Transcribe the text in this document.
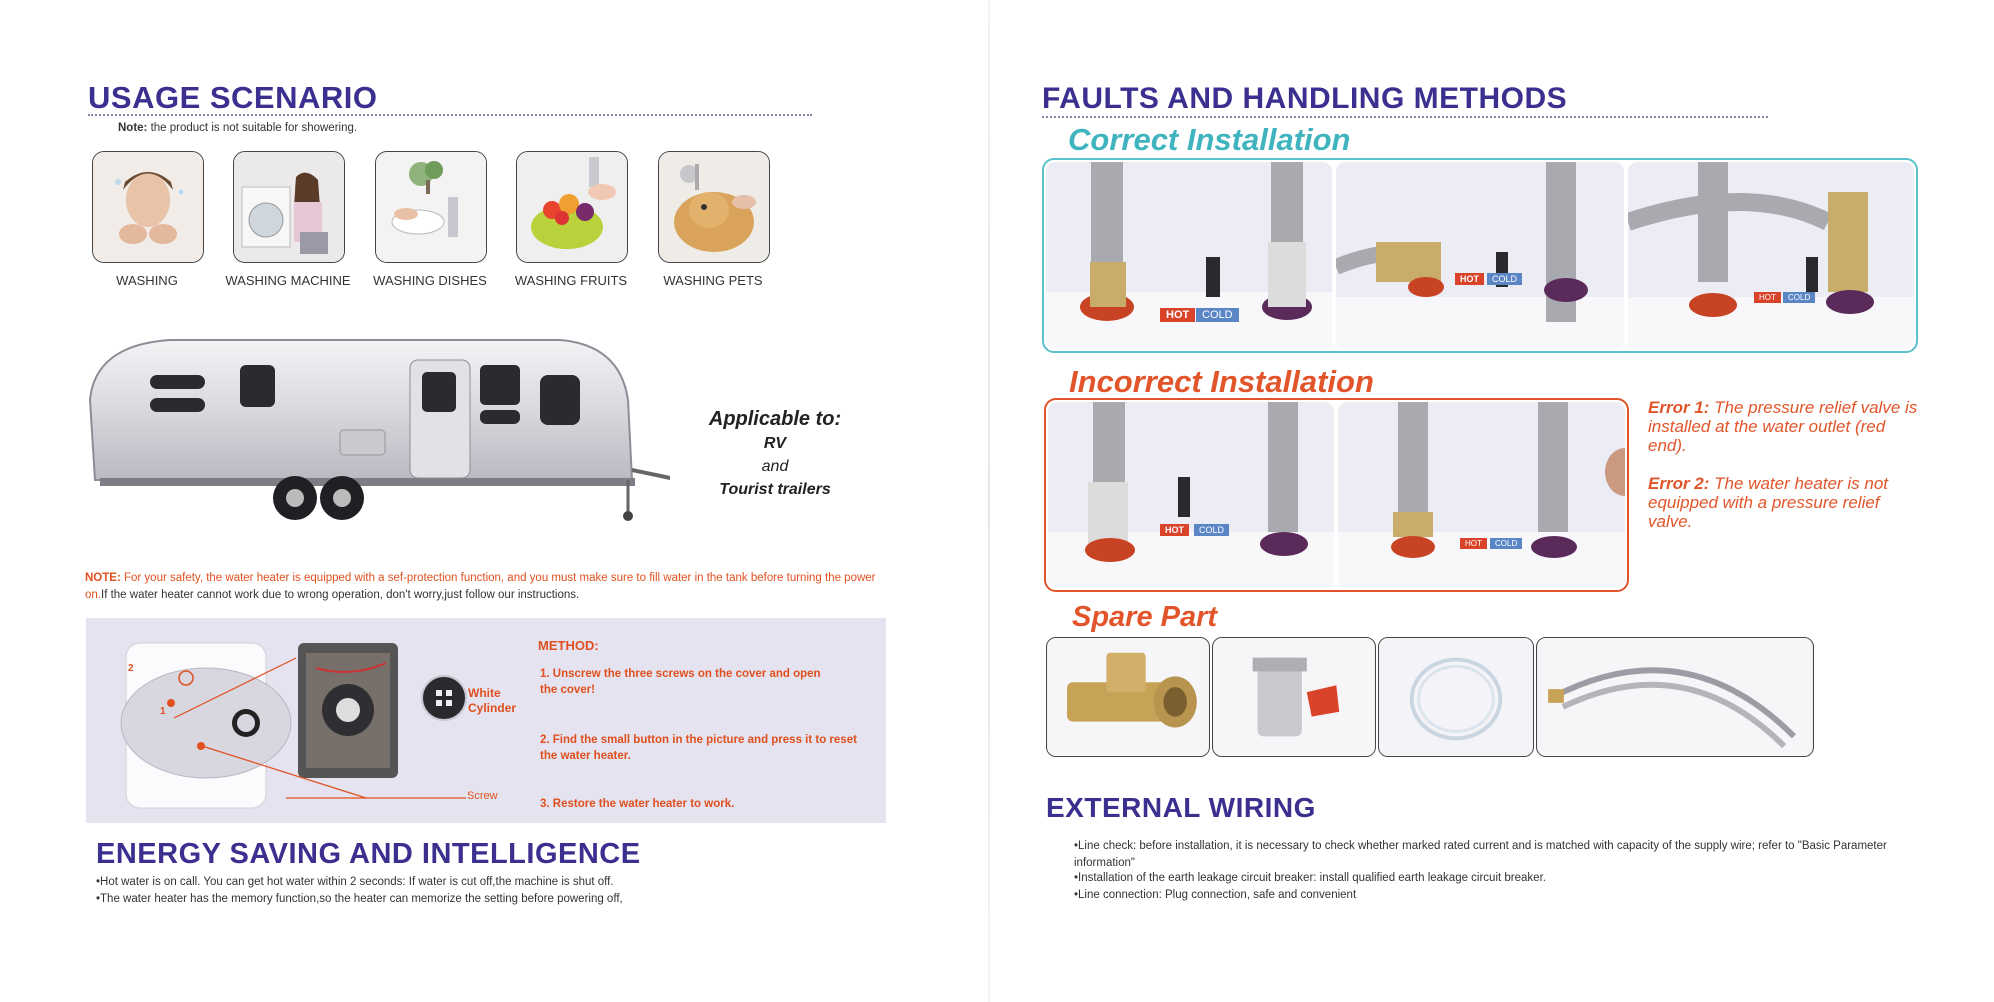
USAGE SCENARIO
Note: the product is not suitable for showering.
WASHING	WASHING MACHINE	WASHING DISHES	WASHING FRUITS	WASHING PETS
Applicable to:
RV
and
Tourist trailers
NOTE: For your safety, the water heater is equipped with a sef-protection function, and you must make sure to fill water in the tank before turning the power on.If the water heater cannot work due to wrong operation, don't worry,just follow our instructions.
2
1
White Cylinder
Screw
METHOD:
1. Unscrew the three screws on the cover and open the cover!
2. Find the small button in the picture and press it to reset the water heater.
3. Restore the water heater to work.
ENERGY SAVING AND INTELLIGENCE
•Hot water is on call. You can get hot water within 2 seconds: If water is cut off,the machine is shut off.
•The water heater has the memory function,so the heater can memorize the setting before powering off,
FAULTS AND HANDLING METHODS
Correct Installation
HOT	COLD
HOT	COLD
HOT	COLD
Incorrect Installation
HOT	COLD
HOT	COLD
Error 1: The pressure relief valve is installed at the water outlet (red end).
Error 2: The water heater is not equipped with a pressure relief valve.
Spare Part
EXTERNAL WIRING
•Line check: before installation, it is necessary to check whether marked rated current and is matched with capacity of the supply wire; refer to "Basic Parameter information"
•Installation of the earth leakage circuit breaker: install qualified earth leakage circuit breaker.
•Line connection: Plug connection, safe and convenient
